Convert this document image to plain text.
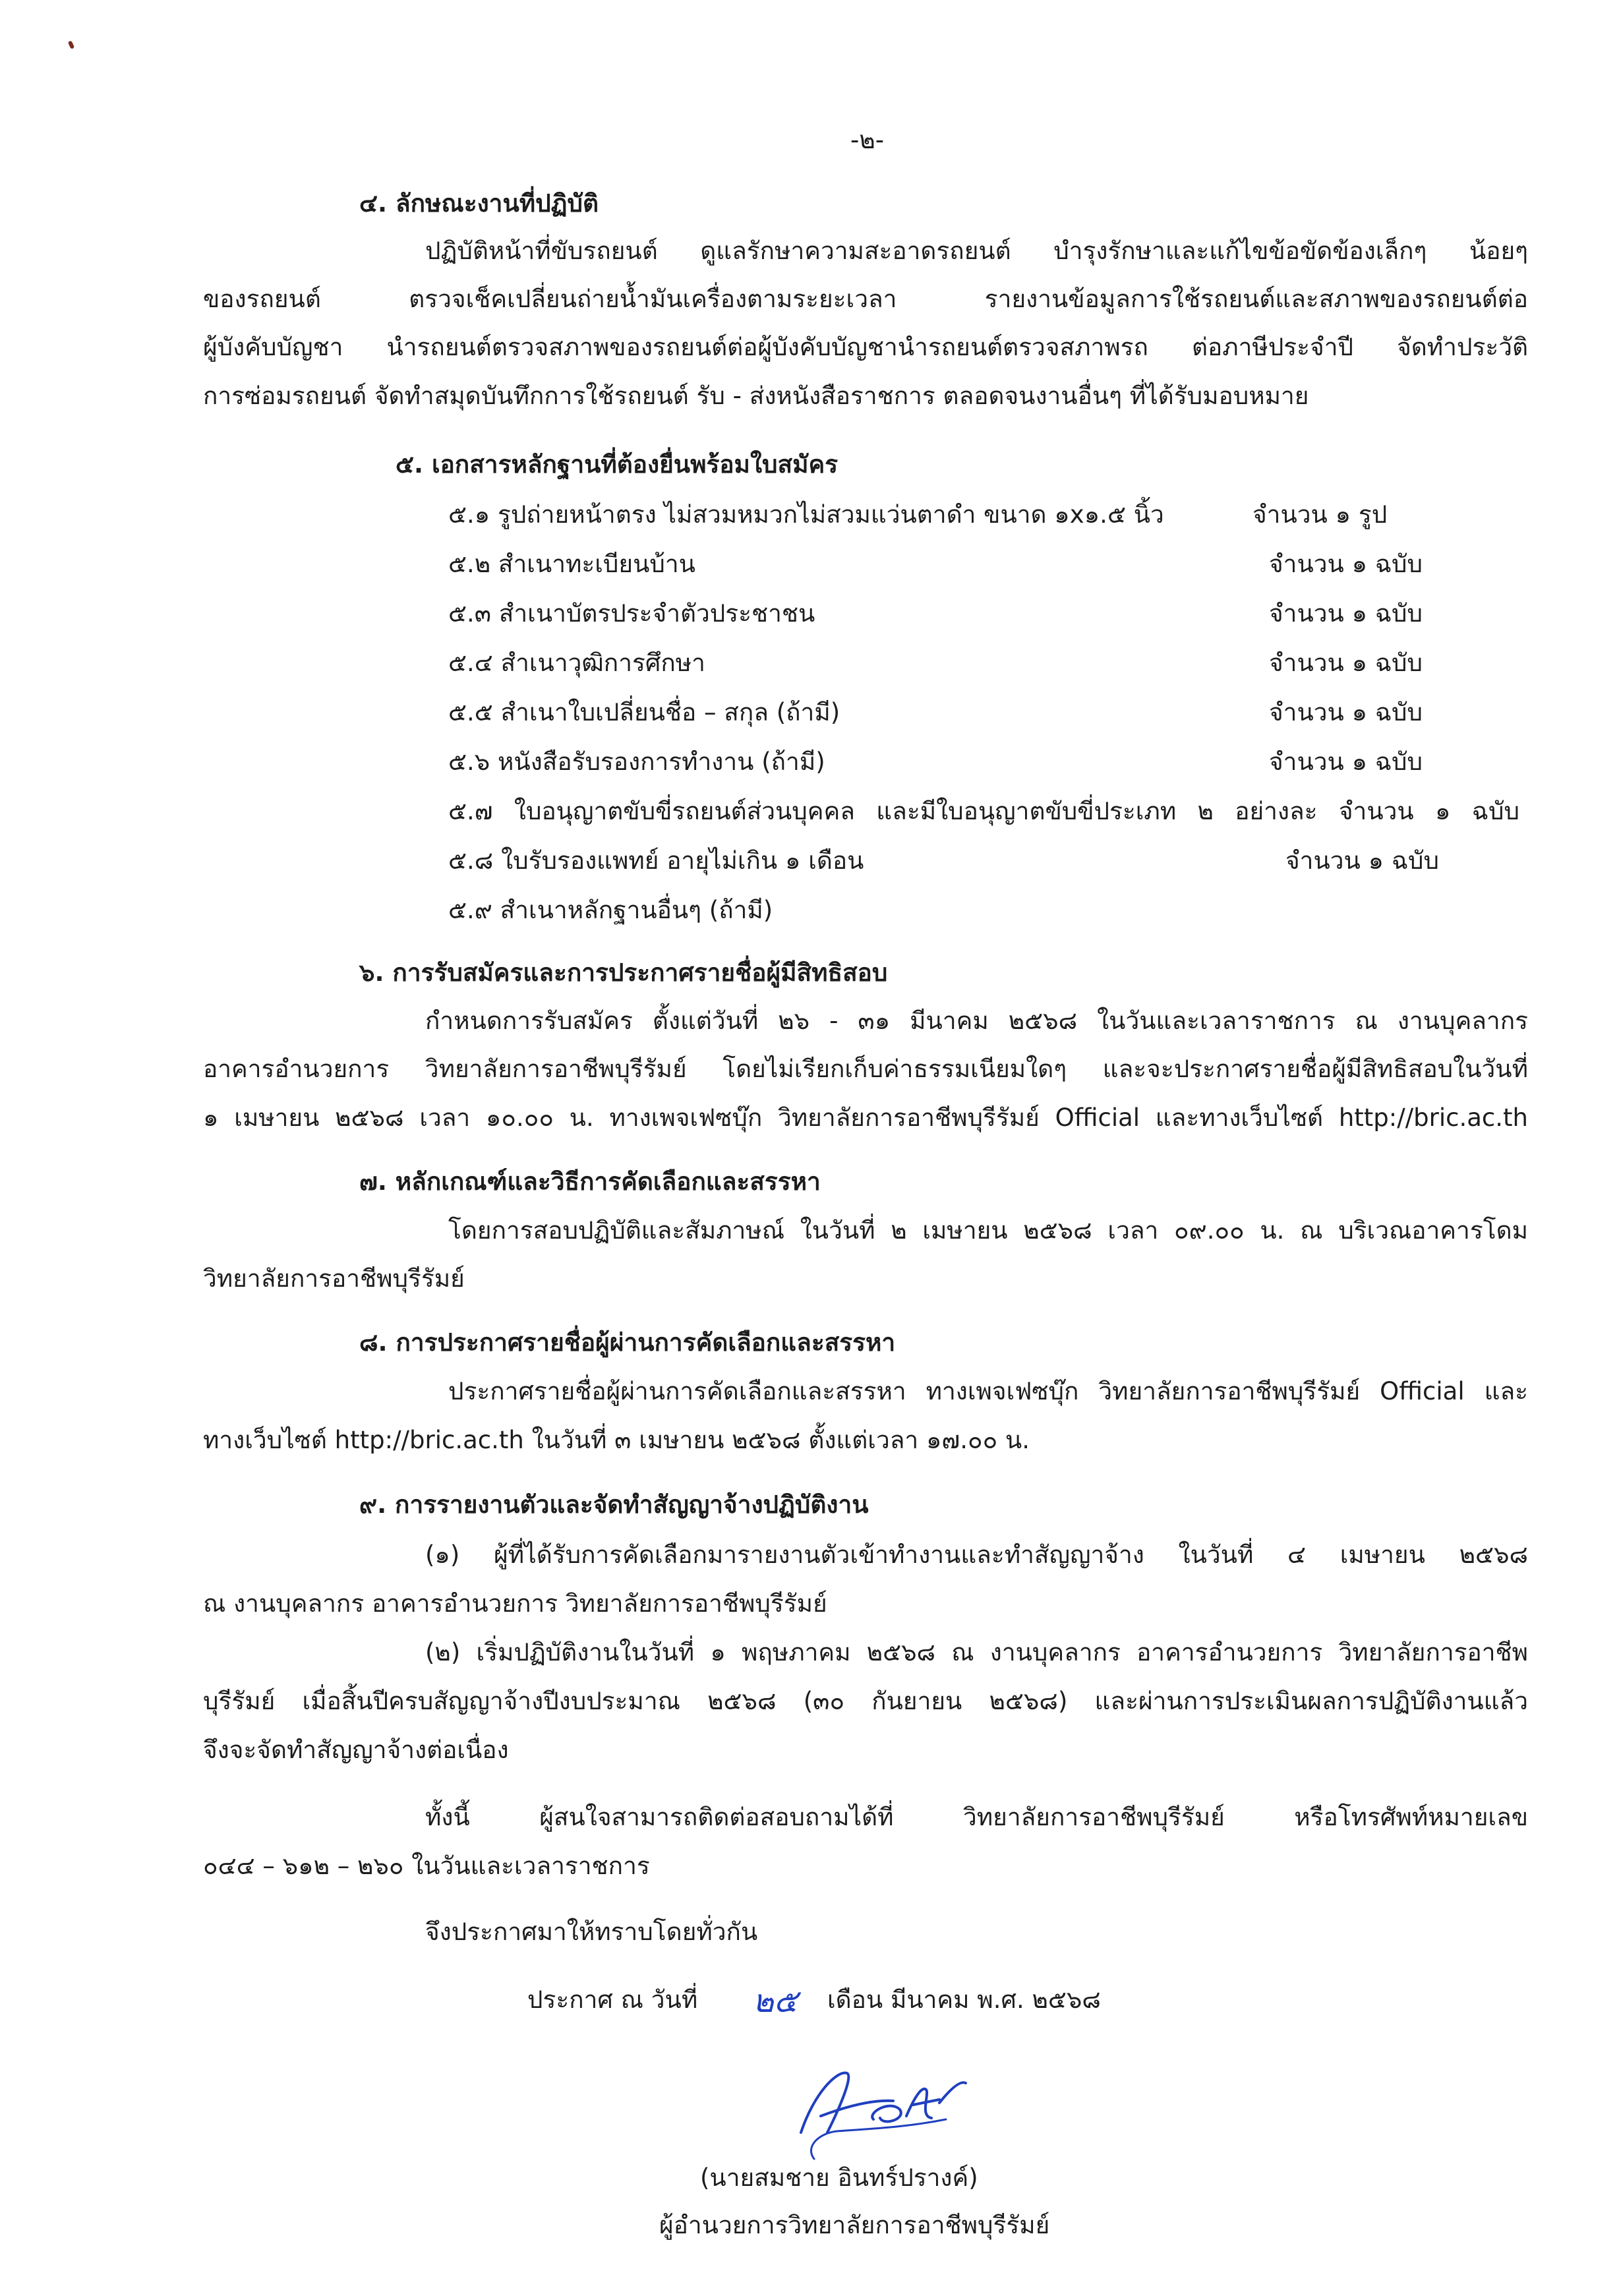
-๒-
๔. ลักษณะงานที่ปฏิบัติ
ปฏิบัติหน้าที่ขับรถยนต์ ดูแลรักษาความสะอาดรถยนต์ บำรุงรักษาและแก้ไขข้อขัดข้องเล็กๆ น้อยๆ
ของรถยนต์ ตรวจเช็คเปลี่ยนถ่ายน้ำมันเครื่องตามระยะเวลา รายงานข้อมูลการใช้รถยนต์และสภาพของรถยนต์ต่อ
ผู้บังคับบัญชา นำรถยนต์ตรวจสภาพของรถยนต์ต่อผู้บังคับบัญชานำรถยนต์ตรวจสภาพรถ ต่อภาษีประจำปี จัดทำประวัติ
การซ่อมรถยนต์ จัดทำสมุดบันทึกการใช้รถยนต์ รับ - ส่งหนังสือราชการ ตลอดจนงานอื่นๆ ที่ได้รับมอบหมาย
๕. เอกสารหลักฐานที่ต้องยื่นพร้อมใบสมัคร
๕.๑ รูปถ่ายหน้าตรง ไม่สวมหมวกไม่สวมแว่นตาดำ ขนาด ๑x๑.๕ นิ้ว	จำนวน ๑ รูป
๕.๒ สำเนาทะเบียนบ้าน	จำนวน ๑ ฉบับ
๕.๓ สำเนาบัตรประจำตัวประชาชน	จำนวน ๑ ฉบับ
๕.๔ สำเนาวุฒิการศึกษา	จำนวน ๑ ฉบับ
๕.๕ สำเนาใบเปลี่ยนชื่อ – สกุล (ถ้ามี)	จำนวน ๑ ฉบับ
๕.๖ หนังสือรับรองการทำงาน (ถ้ามี)	จำนวน ๑ ฉบับ
๕.๗ ใบอนุญาตขับขี่รถยนต์ส่วนบุคคล และมีใบอนุญาตขับขี่ประเภท ๒ อย่างละ จำนวน ๑ ฉบับ
๕.๘ ใบรับรองแพทย์ อายุไม่เกิน ๑ เดือน	จำนวน ๑ ฉบับ
๕.๙ สำเนาหลักฐานอื่นๆ (ถ้ามี)
๖. การรับสมัครและการประกาศรายชื่อผู้มีสิทธิสอบ
กำหนดการรับสมัคร ตั้งแต่วันที่ ๒๖ - ๓๑ มีนาคม ๒๕๖๘ ในวันและเวลาราชการ ณ งานบุคลากร
อาคารอำนวยการ วิทยาลัยการอาชีพบุรีรัมย์ โดยไม่เรียกเก็บค่าธรรมเนียมใดๆ และจะประกาศรายชื่อผู้มีสิทธิสอบในวันที่
๑ เมษายน ๒๕๖๘ เวลา ๑๐.๐๐ น. ทางเพจเฟซบุ๊ก วิทยาลัยการอาชีพบุรีรัมย์ Official และทางเว็บไซต์ http://bric.ac.th
๗. หลักเกณฑ์และวิธีการคัดเลือกและสรรหา
โดยการสอบปฏิบัติและสัมภาษณ์ ในวันที่ ๒ เมษายน ๒๕๖๘ เวลา ๐๙.๐๐ น. ณ บริเวณอาคารโดม
วิทยาลัยการอาชีพบุรีรัมย์
๘. การประกาศรายชื่อผู้ผ่านการคัดเลือกและสรรหา
ประกาศรายชื่อผู้ผ่านการคัดเลือกและสรรหา ทางเพจเฟซบุ๊ก วิทยาลัยการอาชีพบุรีรัมย์ Official และ
ทางเว็บไซต์ http://bric.ac.th ในวันที่ ๓ เมษายน ๒๕๖๘ ตั้งแต่เวลา ๑๗.๐๐ น.
๙. การรายงานตัวและจัดทำสัญญาจ้างปฏิบัติงาน
(๑) ผู้ที่ได้รับการคัดเลือกมารายงานตัวเข้าทำงานและทำสัญญาจ้าง ในวันที่ ๔ เมษายน ๒๕๖๘
ณ งานบุคลากร อาคารอำนวยการ วิทยาลัยการอาชีพบุรีรัมย์
(๒) เริ่มปฏิบัติงานในวันที่ ๑ พฤษภาคม ๒๕๖๘ ณ งานบุคลากร อาคารอำนวยการ วิทยาลัยการอาชีพ
บุรีรัมย์ เมื่อสิ้นปีครบสัญญาจ้างปีงบประมาณ ๒๕๖๘ (๓๐ กันยายน ๒๕๖๘) และผ่านการประเมินผลการปฏิบัติงานแล้ว
จึงจะจัดทำสัญญาจ้างต่อเนื่อง
ทั้งนี้ ผู้สนใจสามารถติดต่อสอบถามได้ที่ วิทยาลัยการอาชีพบุรีรัมย์ หรือโทรศัพท์หมายเลข
๐๔๔ – ๖๑๒ – ๒๖๐ ในวันและเวลาราชการ
จึงประกาศมาให้ทราบโดยทั่วกัน
ประกาศ ณ วันที่ ๒๕ เดือน มีนาคม พ.ศ. ๒๕๖๘
(นายสมชาย อินทร์ปรางค์)
ผู้อำนวยการวิทยาลัยการอาชีพบุรีรัมย์
